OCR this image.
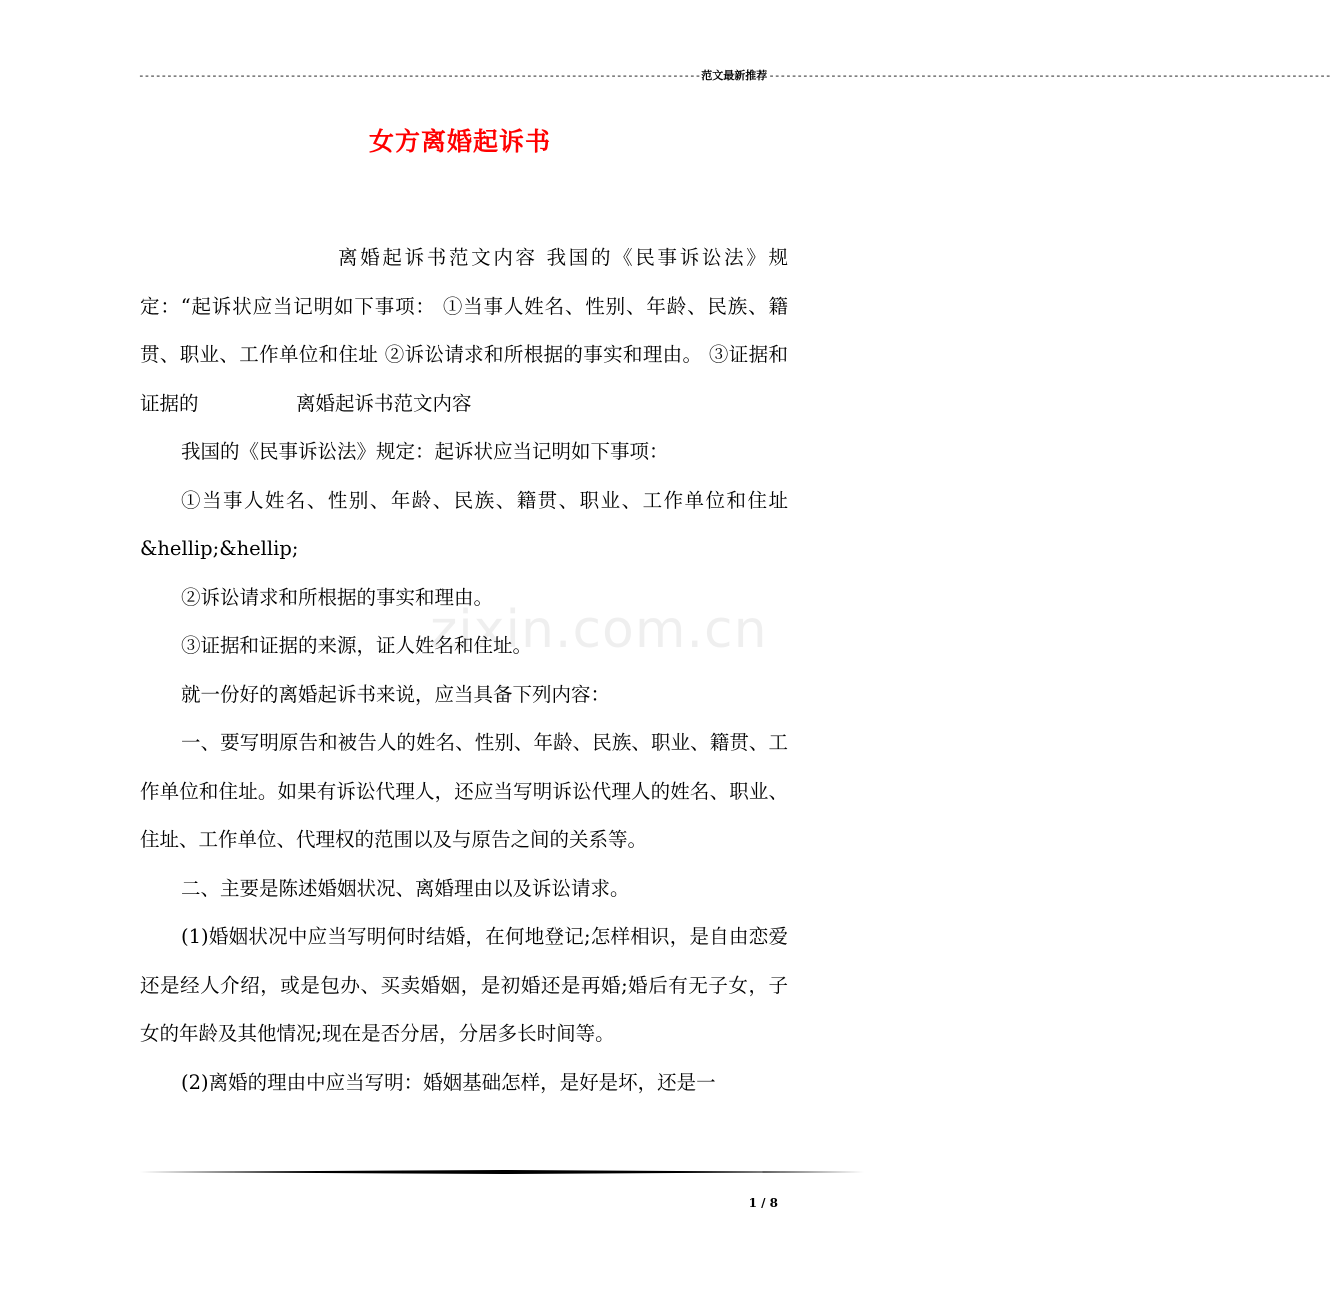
---------------------------------------------------------------------------------------------------- 范文最新推荐 ----------------------------------------------------------------------------------------------------
女方离婚起诉书
zixin.com.cn

离婚起诉书范文内容 我国的《民事诉讼法》规定：“起诉状应当记明如下事项： ①当事人姓名、性别、年龄、民族、籍贯、职业、工作单位和住址 ②诉讼请求和所根据的事实和理由。 ③证据和证据的　　　　　离婚起诉书范文内容

我国的《民事诉讼法》规定：起诉状应当记明如下事项：

①当事人姓名、性别、年龄、民族、籍贯、职业、工作单位和住址&hellip;&hellip;

②诉讼请求和所根据的事实和理由。

③证据和证据的来源，证人姓名和住址。

就一份好的离婚起诉书来说，应当具备下列内容：

一、要写明原告和被告人的姓名、性别、年龄、民族、职业、籍贯、工作单位和住址。如果有诉讼代理人，还应当写明诉讼代理人的姓名、职业、住址、工作单位、代理权的范围以及与原告之间的关系等。

二、主要是陈述婚姻状况、离婚理由以及诉讼请求。

(1)婚姻状况中应当写明何时结婚，在何地登记;怎样相识，是自由恋爱还是经人介绍，或是包办、买卖婚姻，是初婚还是再婚;婚后有无子女，子女的年龄及其他情况;现在是否分居，分居多长时间等。

(2)离婚的理由中应当写明：婚姻基础怎样，是好是坏，还是一

1 / 8
